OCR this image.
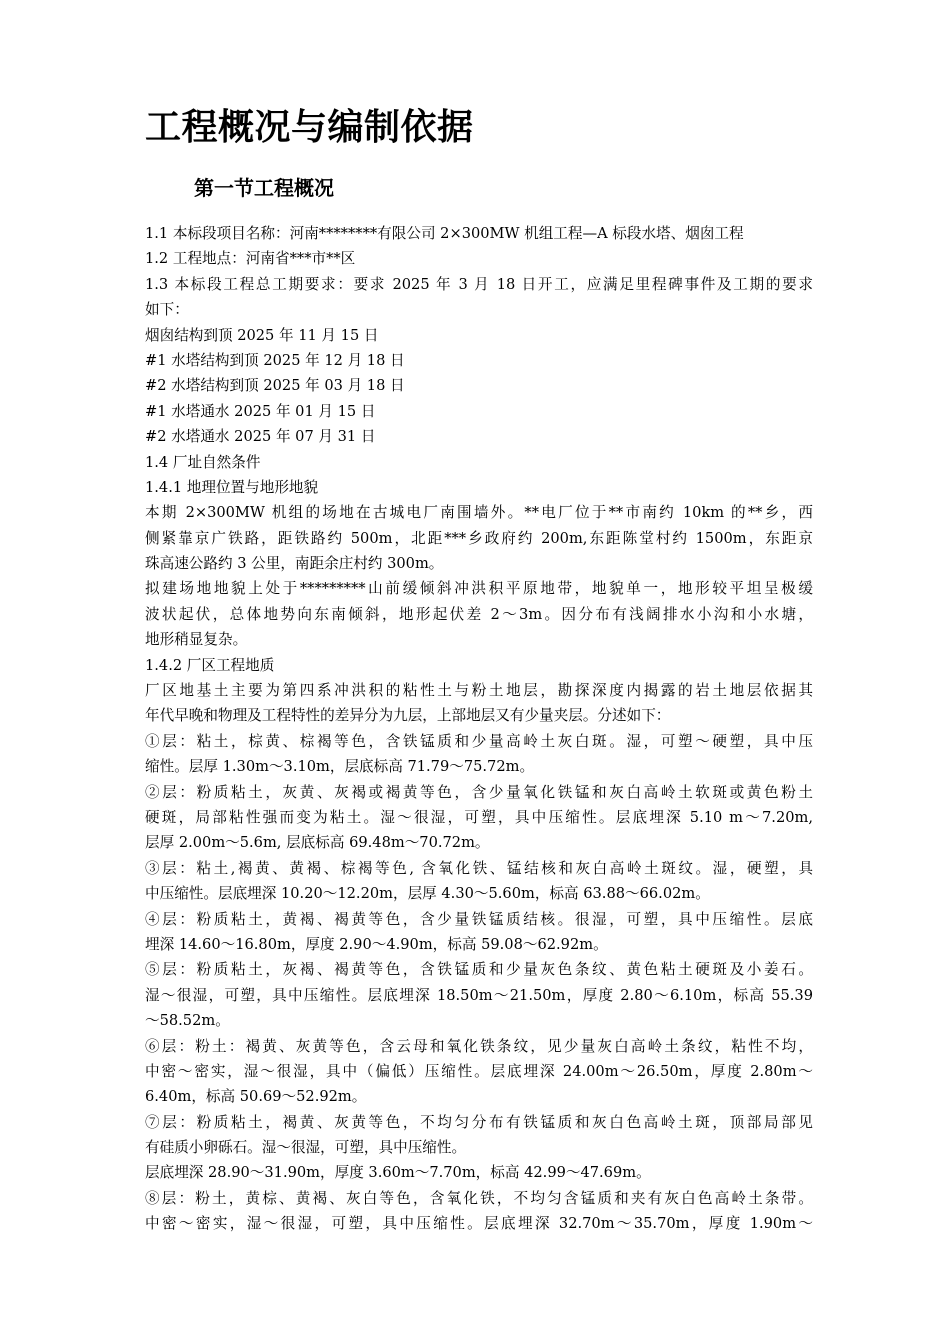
工程概况与编制依据
第一节工程概况
1.1 本标段项目名称：河南********有限公司 2×300MW 机组工程—A 标段水塔、烟囱工程
1.2 工程地点：河南省***市**区
1.3 本标段工程总工期要求：要求 2025 年 3 月 18 日开工，应满足里程碑事件及工期的要求
如下：
烟囱结构到顶 2025 年 11 月 15 日
#1 水塔结构到顶 2025 年 12 月 18 日
#2 水塔结构到顶 2025 年 03 月 18 日
#1 水塔通水 2025 年 01 月 15 日
#2 水塔通水 2025 年 07 月 31 日
1.4 厂址自然条件
1.4.1 地理位置与地形地貌
本期 2×300MW 机组的场地在古城电厂南围墙外。**电厂位于**市南约 10km 的**乡，西
侧紧靠京广铁路，距铁路约 500m，北距***乡政府约 200m,东距陈堂村约 1500m，东距京
珠高速公路约 3 公里，南距余庄村约 300m。
拟建场地地貌上处于*********山前缓倾斜冲洪积平原地带，地貌单一，地形较平坦呈极缓
波状起伏，总体地势向东南倾斜，地形起伏差 2～3m。因分布有浅阔排水小沟和小水塘，
地形稍显复杂。
1.4.2 厂区工程地质
厂区地基土主要为第四系冲洪积的粘性土与粉土地层，勘探深度内揭露的岩土地层依据其
年代早晚和物理及工程特性的差异分为九层，上部地层又有少量夹层。分述如下：
①层：粘土，棕黄、棕褐等色，含铁锰质和少量高岭土灰白斑。湿，可塑～硬塑，具中压
缩性。层厚 1.30m～3.10m，层底标高 71.79～75.72m。
②层：粉质粘土，灰黄、灰褐或褐黄等色，含少量氧化铁锰和灰白高岭土软斑或黄色粉土
硬斑，局部粘性强而变为粘土。湿～很湿，可塑，具中压缩性。层底埋深 5.10 m～7.20m,
层厚 2.00m～5.6m, 层底标高 69.48m～70.72m。
③层：粘土,褐黄、黄褐、棕褐等色, 含氧化铁、锰结核和灰白高岭土斑纹。湿，硬塑，具
中压缩性。层底埋深 10.20～12.20m，层厚 4.30～5.60m，标高 63.88～66.02m。
④层：粉质粘土，黄褐、褐黄等色，含少量铁锰质结核。很湿，可塑，具中压缩性。层底
埋深 14.60～16.80m，厚度 2.90～4.90m，标高 59.08～62.92m。
⑤层：粉质粘土，灰褐、褐黄等色，含铁锰质和少量灰色条纹、黄色粘土硬斑及小姜石。
湿～很湿，可塑，具中压缩性。层底埋深 18.50m～21.50m，厚度 2.80～6.10m，标高 55.39
～58.52m。
⑥层：粉土：褐黄、灰黄等色，含云母和氧化铁条纹，见少量灰白高岭土条纹，粘性不均，
中密～密实，湿～很湿，具中（偏低）压缩性。层底埋深 24.00m～26.50m，厚度 2.80m～
6.40m，标高 50.69～52.92m。
⑦层：粉质粘土，褐黄、灰黄等色，不均匀分布有铁锰质和灰白色高岭土斑，顶部局部见
有硅质小卵砾石。湿～很湿，可塑，具中压缩性。
层底埋深 28.90～31.90m，厚度 3.60m～7.70m，标高 42.99～47.69m。
⑧层：粉土，黄棕、黄褐、灰白等色，含氧化铁，不均匀含锰质和夹有灰白色高岭土条带。
中密～密实，湿～很湿，可塑，具中压缩性。层底埋深 32.70m～35.70m，厚度 1.90m～
